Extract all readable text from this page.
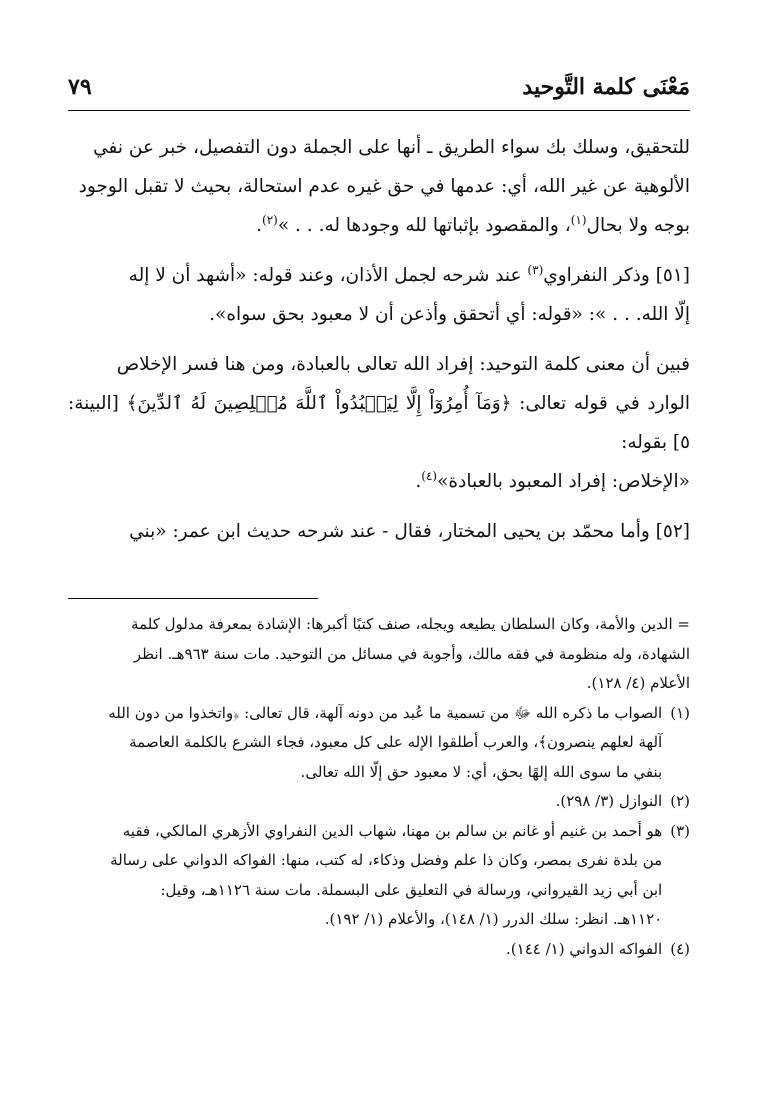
مَعْنَى كلمة التَّوحيد
٧٩

للتحقيق، وسلك بك سواء الطريق ـ أنها على الجملة دون التفصيل، خبر عن نفي

الألوهية عن غير الله، أي: عدمها في حق غيره عدم استحالة، بحيث لا تقبل الوجود

بوجه ولا بحال$^{(١)}$، والمقصود بإثباتها لله وجودها له. . . »$^{(٢)}$.

[٥١] وذكر النفراوي$^{(٣)}$ عند شرحه لجمل الأذان، وعند قوله: «أشهد أن لا إله

إلّا الله. . . »: «قوله: أي أتحقق وأذعن أن لا معبود بحق سواه».

فبين أن معنى كلمة التوحيد: إفراد الله تعالى بالعبادة، ومن هنا فسر الإخلاص

الوارد في قوله تعالى: ﴿وَمَآ أُمِرُوٓاْ إِلَّا لِيَعۡبُدُواْ ٱللَّهَ مُخۡلِصِينَ لَهُ ٱلدِّينَ﴾ [البينة: ٥] بقوله:

«الإخلاص: إفراد المعبود بالعبادة»$^{(٤)}$.

[٥٢] وأما محمّد بن يحيى المختار، فقال - عند شرحه حديث ابن عمر: «بني

= الدين والأمة، وكان السلطان يطيعه ويجله، صنف كتبًا أكبرها: الإشادة بمعرفة مدلول كلمة

الشهادة، وله منظومة في فقه مالك، وأجوبة في مسائل من التوحيد. مات سنة ٩٦٣هـ. انظر

الأعلام (٤/ ١٢٨).

(١)

الصواب ما ذكره الله ﷻ من تسمية ما عُبد من دونه آلهة، قال تعالى: ﴿واتخذوا من دون الله

آلهة لعلهم ينصرون﴾، والعرب أطلقوا الإله على كل معبود، فجاء الشرع بالكلمة العاصمة

بنفي ما سوى الله إلهًا بحق، أي: لا معبود حق إلّا الله تعالى.

(٢)

النوازل (٣/ ٢٩٨).

(٣)

هو أحمد بن غنيم أو غانم بن سالم بن مهنا، شهاب الدين النفراوي الأزهري المالكي، فقيه

من بلدة نفرى بمصر، وكان ذا علم وفضل وذكاء، له كتب، منها: الفواكه الدواني على رسالة

ابن أبي زيد القيرواني، ورسالة في التعليق على البسملة. مات سنة ١١٢٦هـ، وقيل:

١١٢٠هـ. انظر: سلك الدرر (١/ ١٤٨)، والأعلام (١/ ١٩٢).

(٤)

الفواكه الدواني (١/ ١٤٤).
